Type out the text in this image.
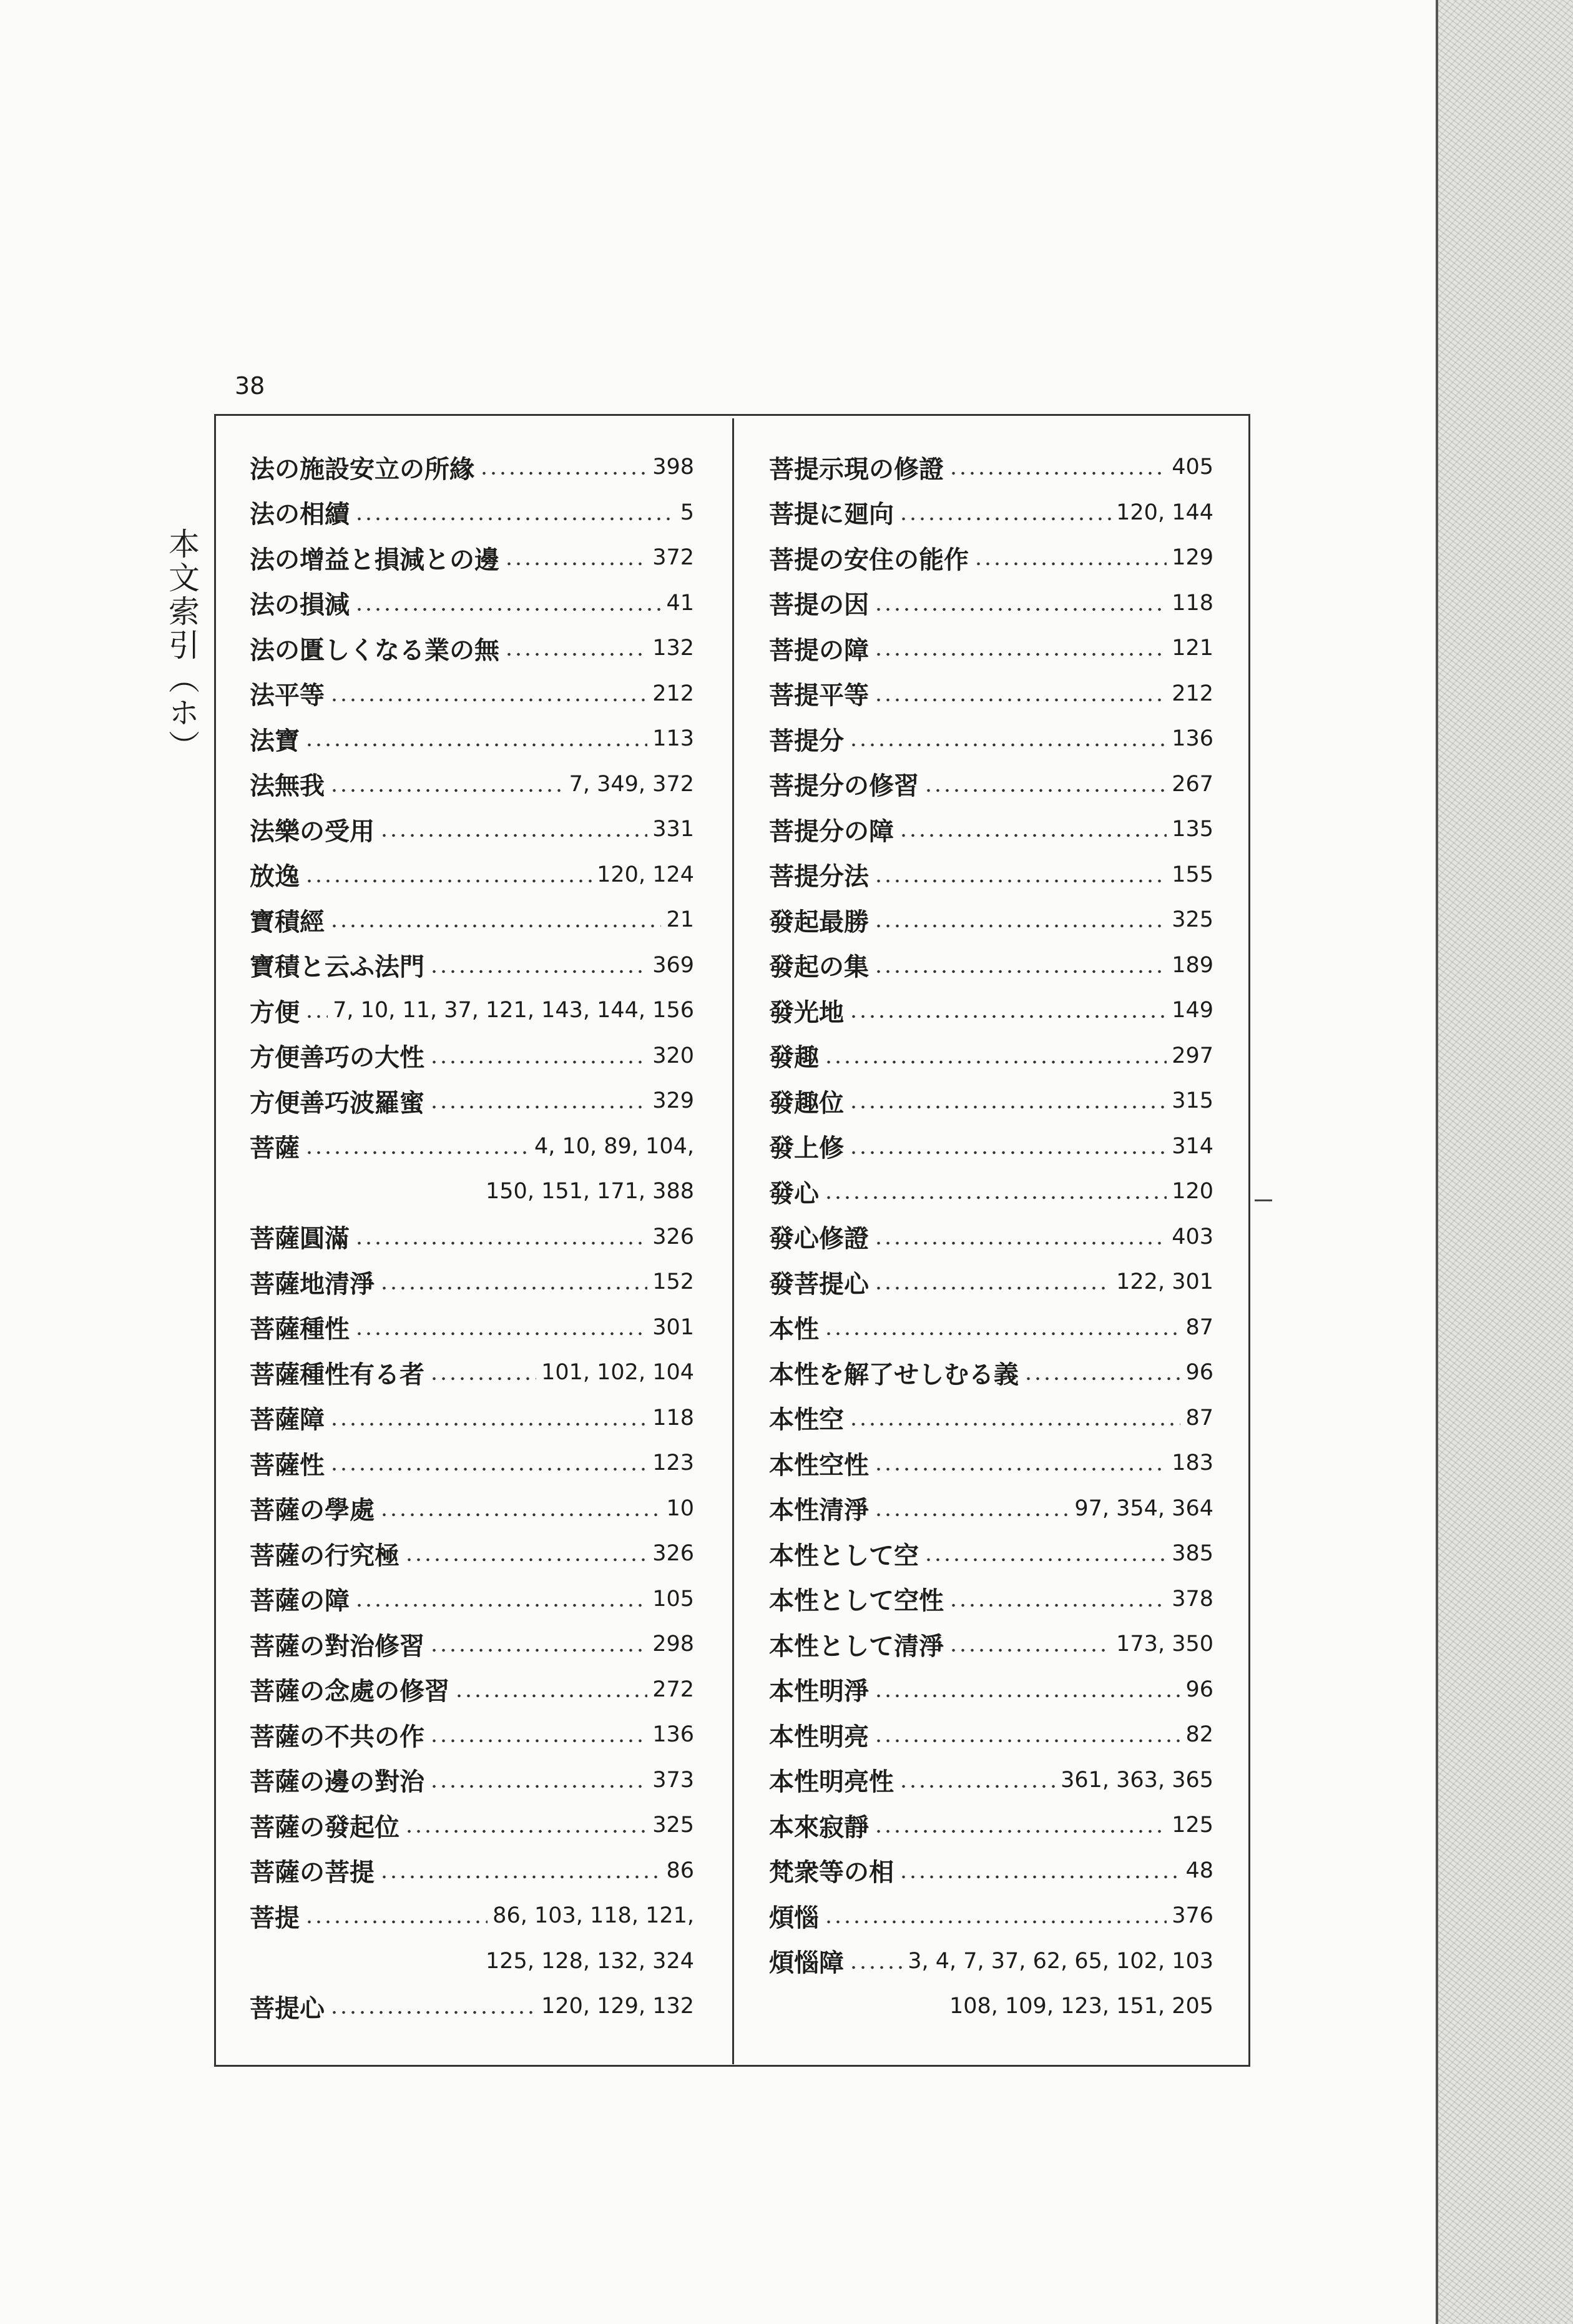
38
本文索引（ホ）
法の施設安立の所緣	398
法の相續	5
法の增益と損減との邊	372
法の損減	41
法の匱しくなる業の無	132
法平等	212
法寶	113
法無我	7, 349, 372
法樂の受用	331
放逸	120, 124
寶積經	21
寶積と云ふ法門	369
方便 7, 10, 11, 37, 121, 143, 144, 156
方便善巧の大性	320
方便善巧波羅蜜	329
菩薩	4, 10, 89, 104,
150, 151, 171, 388
菩薩圓滿	326
菩薩地清淨	152
菩薩種性	301
菩薩種性有る者	101, 102, 104
菩薩障	118
菩薩性	123
菩薩の學處	10
菩薩の行究極	326
菩薩の障	105
菩薩の對治修習	298
菩薩の念處の修習	272
菩薩の不共の作	136
菩薩の邊の對治	373
菩薩の發起位	325
菩薩の菩提	86
菩提	86, 103, 118, 121,
125, 128, 132, 324
菩提心	120, 129, 132
菩提示現の修證	405
菩提に廻向	120, 144
菩提の安住の能作	129
菩提の因	118
菩提の障	121
菩提平等	212
菩提分	136
菩提分の修習	267
菩提分の障	135
菩提分法	155
發起最勝	325
發起の集	189
發光地	149
發趣	297
發趣位	315
發上修	314
發心	120
發心修證	403
發菩提心	122, 301
本性	87
本性を解了せしむる義	96
本性空	87
本性空性	183
本性清淨	97, 354, 364
本性として空	385
本性として空性	378
本性として清淨	173, 350
本性明淨	96
本性明亮	82
本性明亮性	361, 363, 365
本來寂靜	125
梵衆等の相	48
煩惱	376
煩惱障	3, 4, 7, 37, 62, 65, 102, 103
108, 109, 123, 151, 205
